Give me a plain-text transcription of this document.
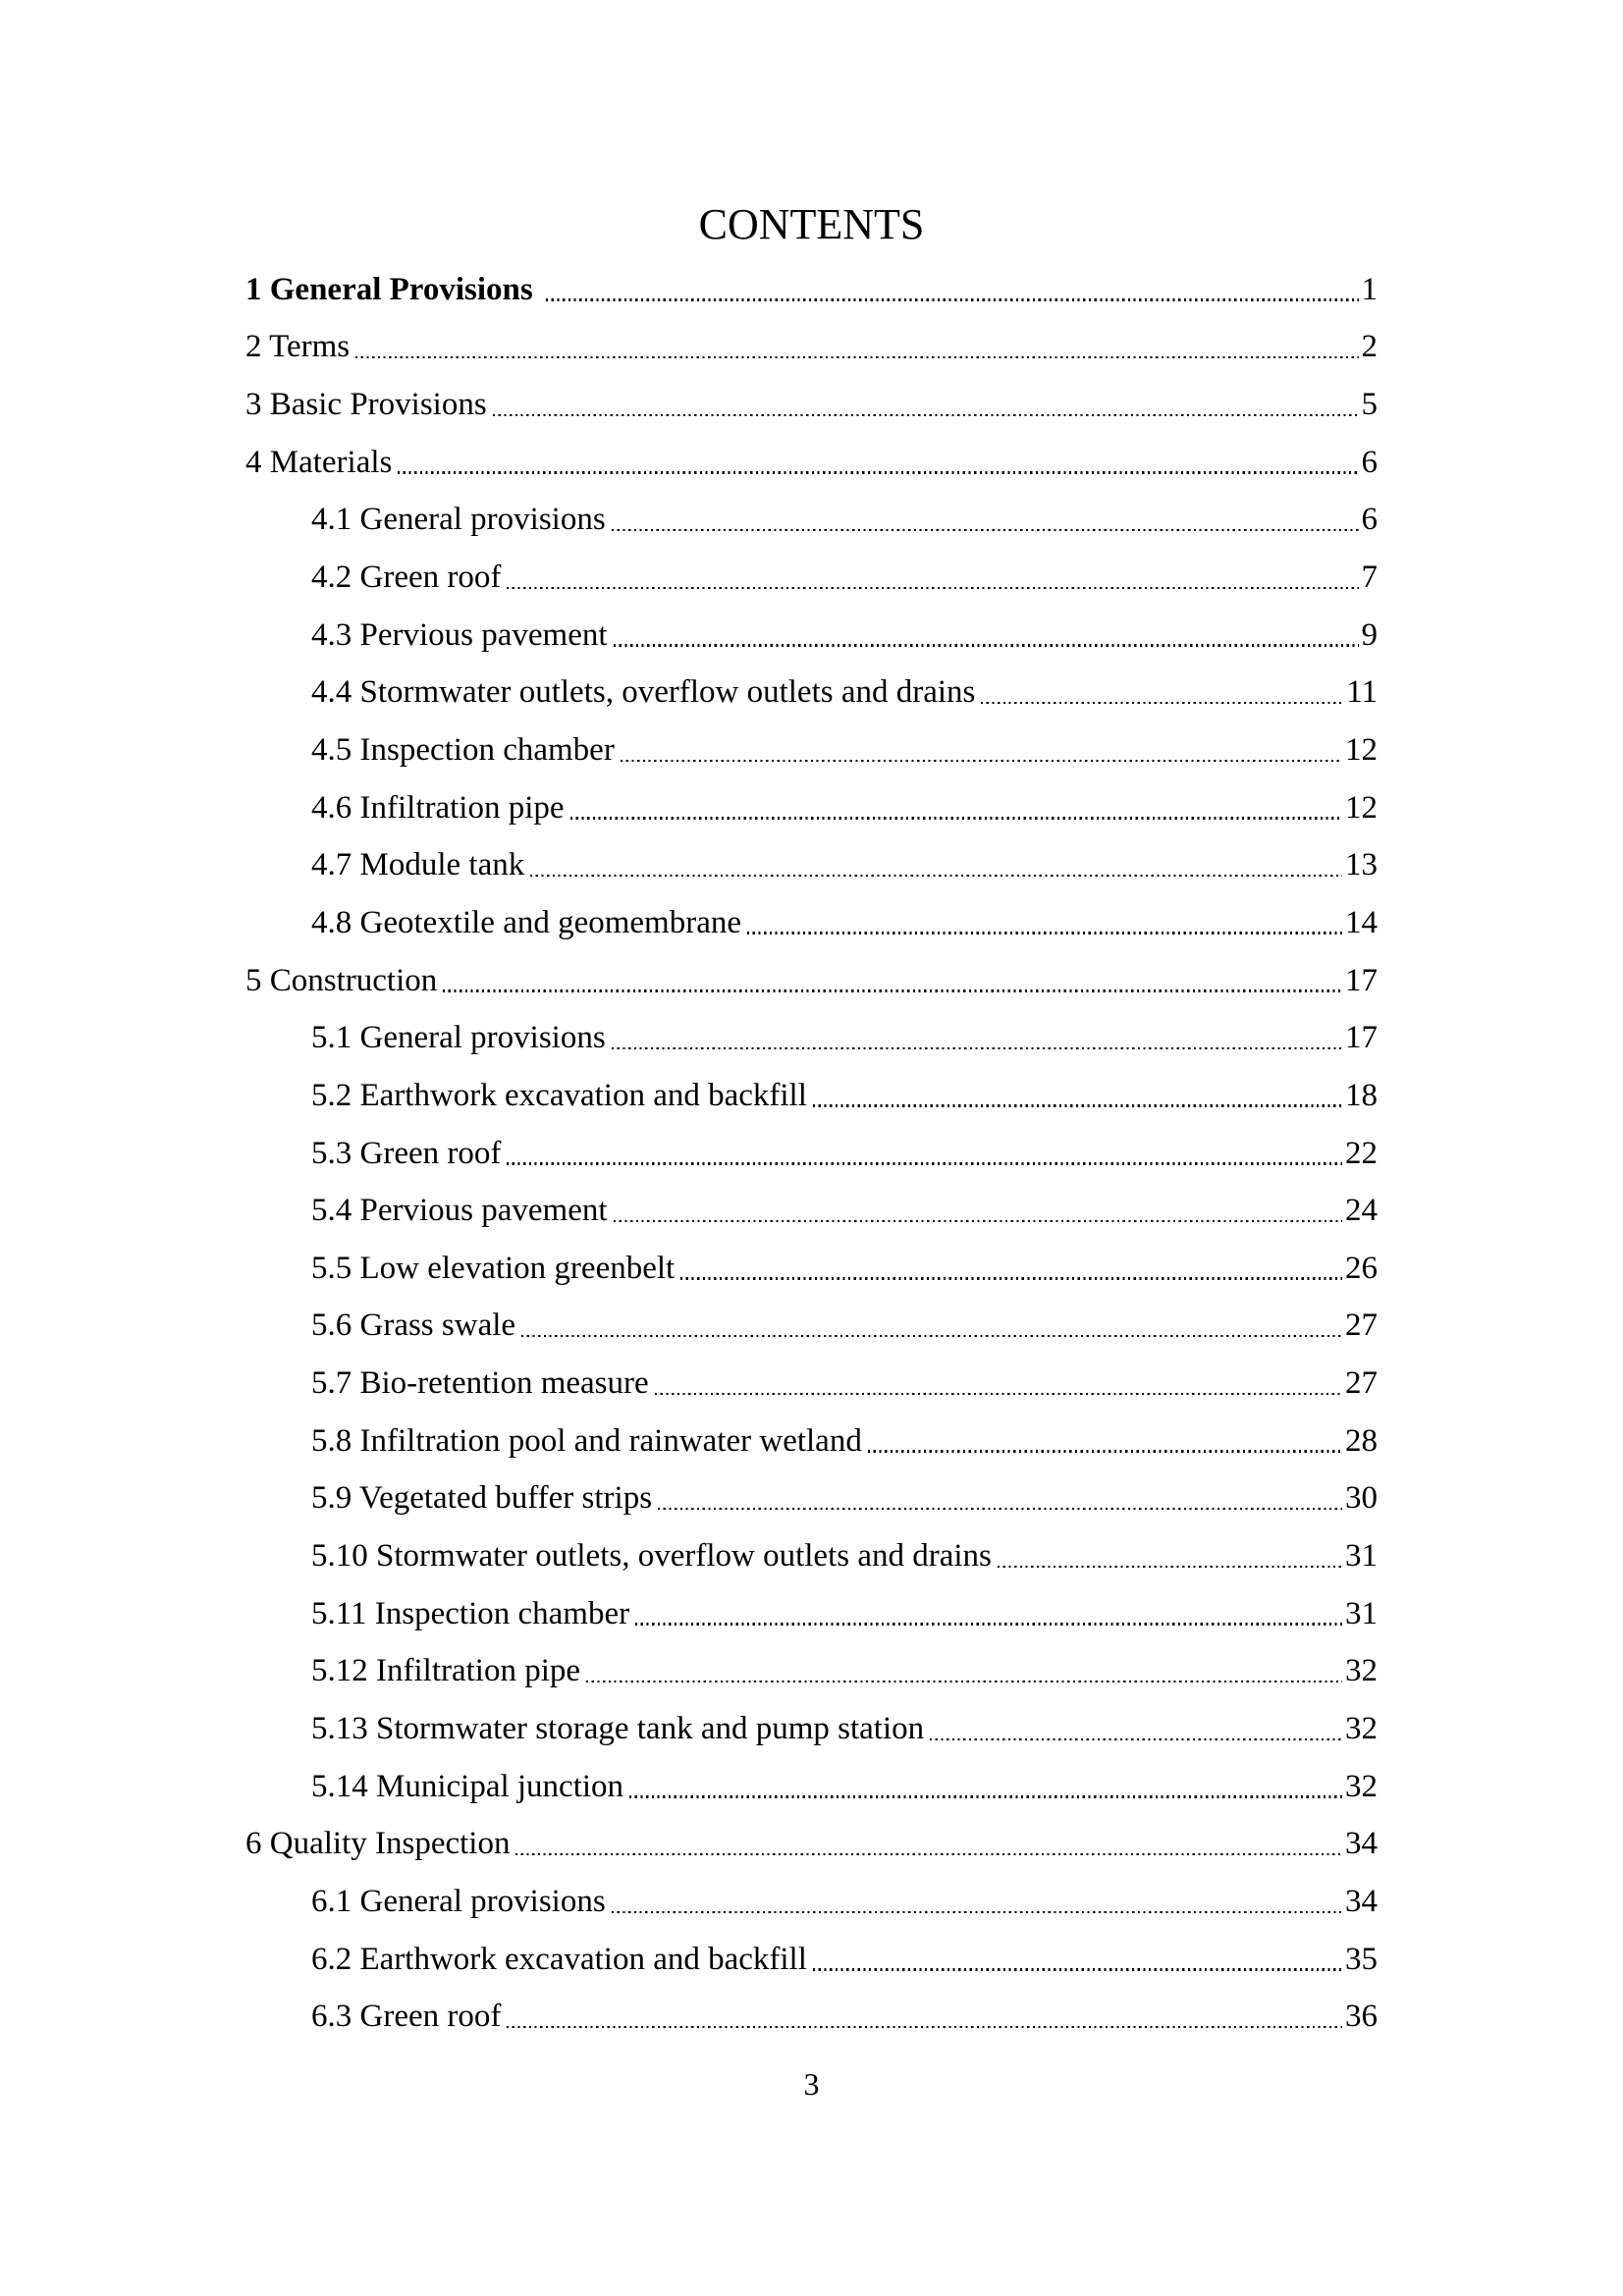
CONTENTS
1 General Provisions	1
2 Terms	2
3 Basic Provisions	5
4 Materials	6
4.1 General provisions	6
4.2 Green roof	7
4.3 Pervious pavement	9
4.4 Stormwater outlets, overflow outlets and drains	11
4.5 Inspection chamber	12
4.6 Infiltration pipe	12
4.7 Module tank	13
4.8 Geotextile and geomembrane	14
5 Construction	17
5.1 General provisions	17
5.2 Earthwork excavation and backfill	18
5.3 Green roof	22
5.4 Pervious pavement	24
5.5 Low elevation greenbelt	26
5.6 Grass swale	27
5.7 Bio-retention measure	27
5.8 Infiltration pool and rainwater wetland	28
5.9 Vegetated buffer strips	30
5.10 Stormwater outlets, overflow outlets and drains	31
5.11 Inspection chamber	31
5.12 Infiltration pipe	32
5.13 Stormwater storage tank and pump station	32
5.14 Municipal junction	32
6 Quality Inspection	34
6.1 General provisions	34
6.2 Earthwork excavation and backfill	35
6.3 Green roof	36
3
